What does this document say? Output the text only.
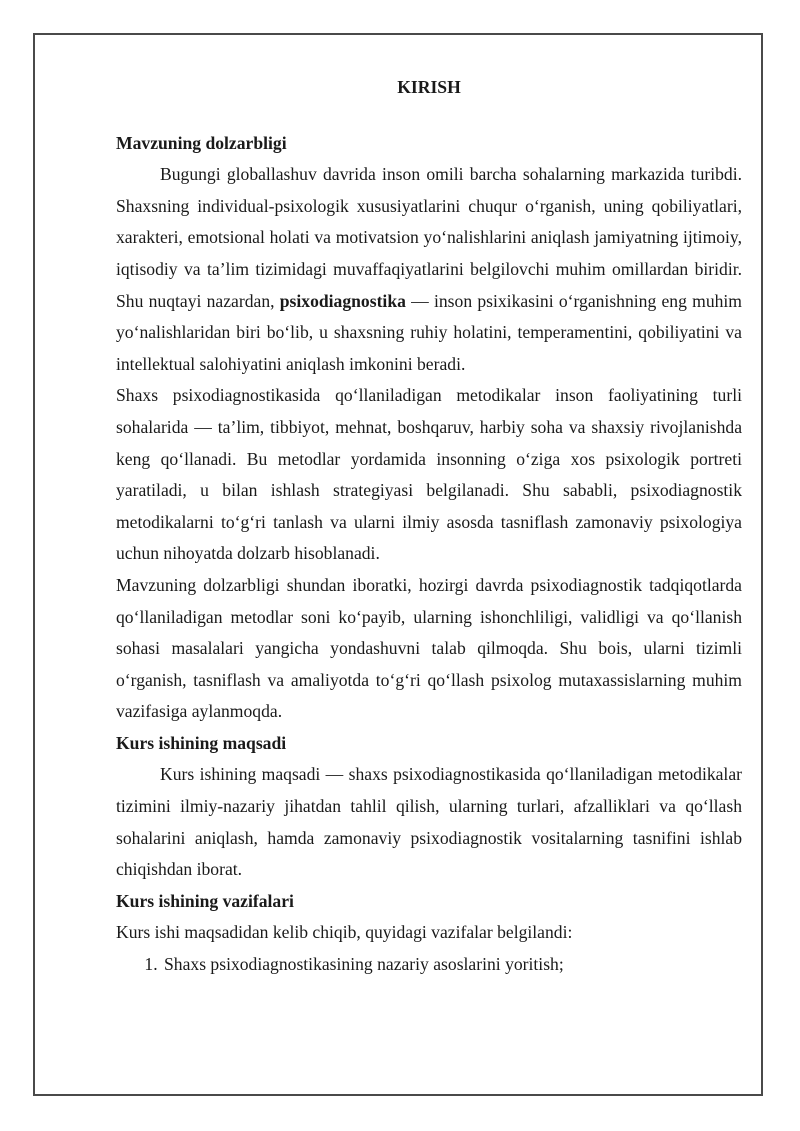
KIRISH
Mavzuning dolzarbligi

Bugungi globallashuv davrida inson omili barcha sohalarning markazida turibdi. Shaxsning individual-psixologik xususiyatlarini chuqur o‘rganish, uning qobiliyatlari, xarakteri, emotsional holati va motivatsion yo‘nalishlarini aniqlash jamiyatning ijtimoiy, iqtisodiy va ta’lim tizimidagi muvaffaqiyatlarini belgilovchi muhim omillardan biridir. Shu nuqtayi nazardan, psixodiagnostika — inson psixikasini o‘rganishning eng muhim yo‘nalishlaridan biri bo‘lib, u shaxsning ruhiy holatini, temperamentini, qobiliyatini va intellektual salohiyatini aniqlash imkonini beradi.

Shaxs psixodiagnostikasida qo‘llaniladigan metodikalar inson faoliyatining turli sohalarida — ta’lim, tibbiyot, mehnat, boshqaruv, harbiy soha va shaxsiy rivojlanishda keng qo‘llanadi. Bu metodlar yordamida insonning o‘ziga xos psixologik portreti yaratiladi, u bilan ishlash strategiyasi belgilanadi. Shu sababli, psixodiagnostik metodikalarni to‘g‘ri tanlash va ularni ilmiy asosda tasniflash zamonaviy psixologiya uchun nihoyatda dolzarb hisoblanadi.

Mavzuning dolzarbligi shundan iboratki, hozirgi davrda psixodiagnostik tadqiqotlarda qo‘llaniladigan metodlar soni ko‘payib, ularning ishonchliligi, validligi va qo‘llanish sohasi masalalari yangicha yondashuvni talab qilmoqda. Shu bois, ularni tizimli o‘rganish, tasniflash va amaliyotda to‘g‘ri qo‘llash psixolog mutaxassislarning muhim vazifasiga aylanmoqda.

Kurs ishining maqsadi

Kurs ishining maqsadi — shaxs psixodiagnostikasida qo‘llaniladigan metodikalar tizimini ilmiy-nazariy jihatdan tahlil qilish, ularning turlari, afzalliklari va qo‘llash sohalarini aniqlash, hamda zamonaviy psixodiagnostik vositalarning tasnifini ishlab chiqishdan iborat.

Kurs ishining vazifalari

Kurs ishi maqsadidan kelib chiqib, quyidagi vazifalar belgilandi:

1. Shaxs psixodiagnostikasining nazariy asoslarini yoritish;
